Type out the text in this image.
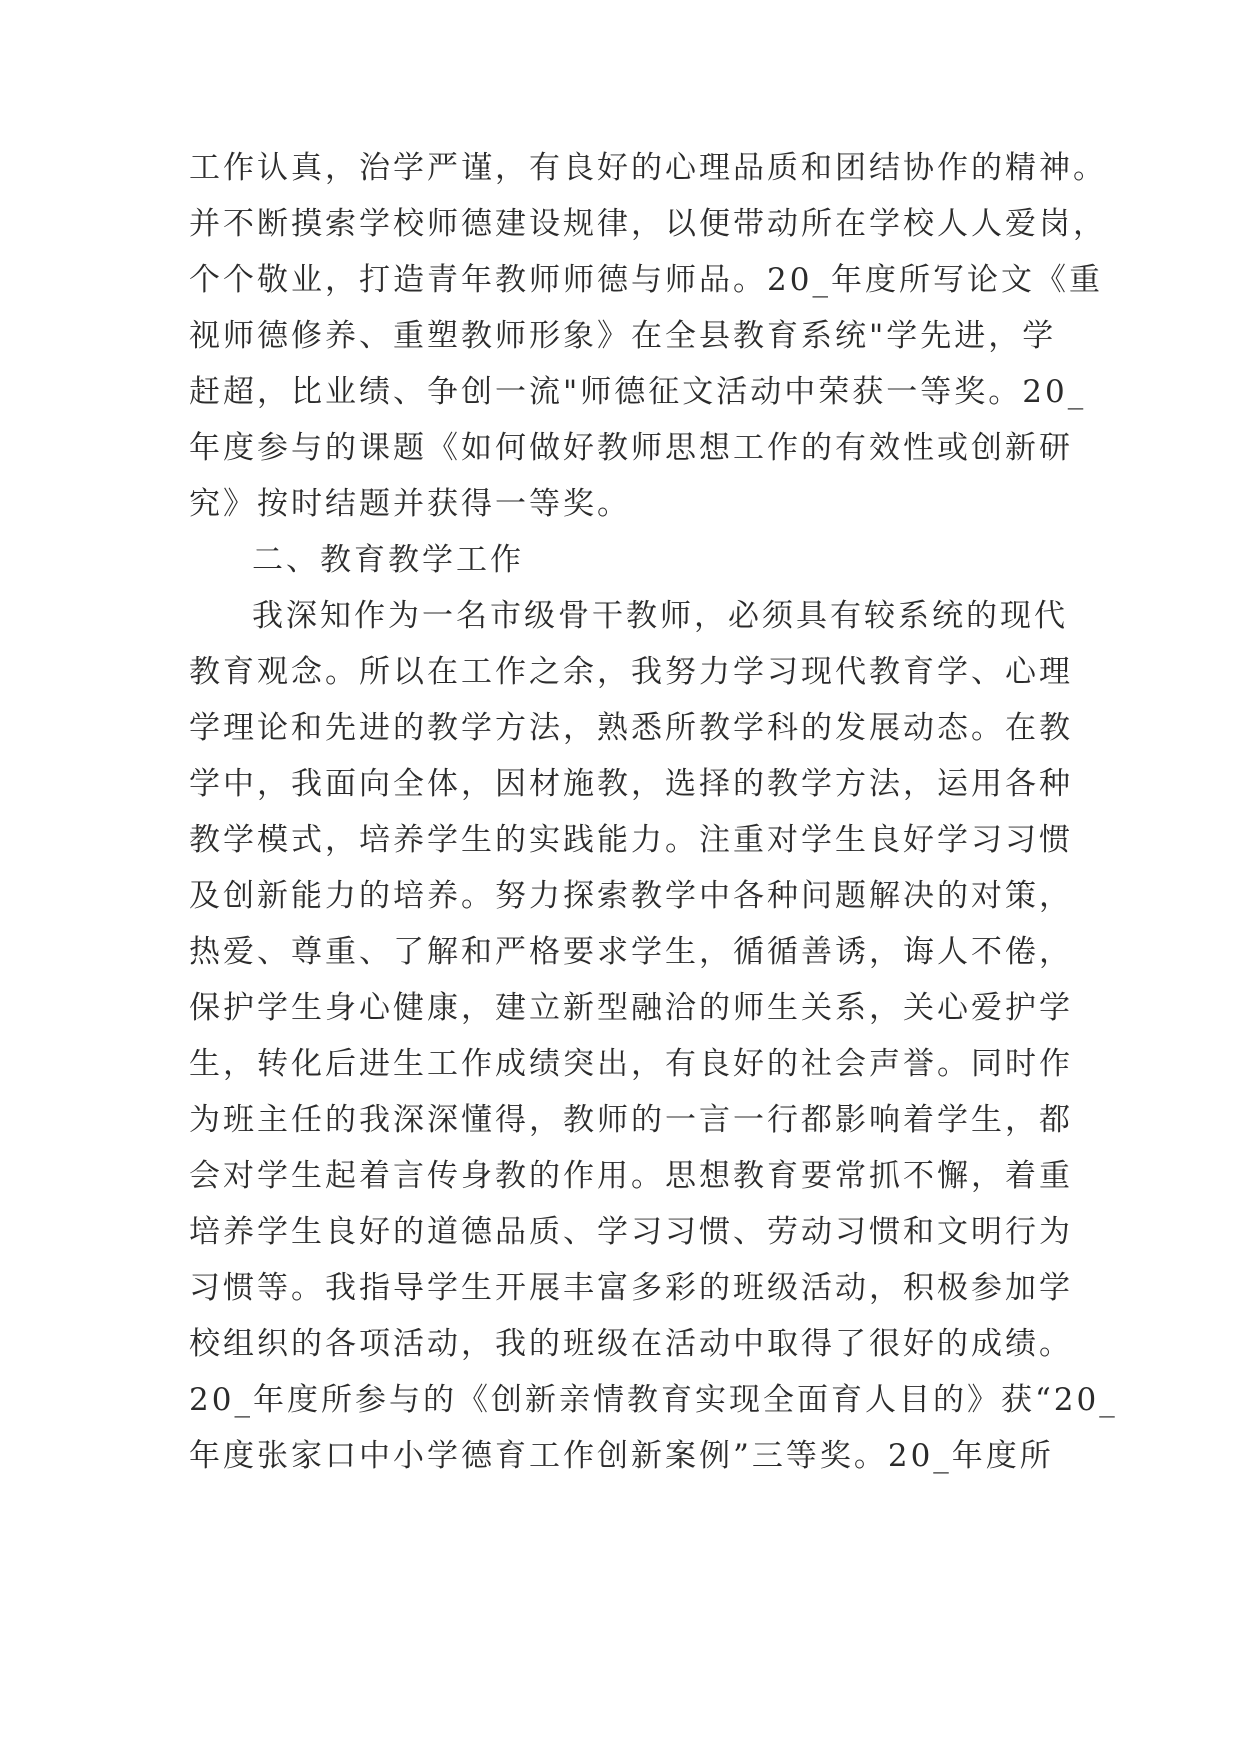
工作认真，治学严谨，有良好的心理品质和团结协作的精神。
并不断摸索学校师德建设规律，以便带动所在学校人人爱岗，
个个敬业，打造青年教师师德与师品。20_年度所写论文《重
视师德修养、重塑教师形象》在全县教育系统"学先进，学
赶超，比业绩、争创一流"师德征文活动中荣获一等奖。20_
年度参与的课题《如何做好教师思想工作的有效性或创新研
究》按时结题并获得一等奖。
二、教育教学工作
我深知作为一名市级骨干教师，必须具有较系统的现代
教育观念。所以在工作之余，我努力学习现代教育学、心理
学理论和先进的教学方法，熟悉所教学科的发展动态。在教
学中，我面向全体，因材施教，选择的教学方法，运用各种
教学模式，培养学生的实践能力。注重对学生良好学习习惯
及创新能力的培养。努力探索教学中各种问题解决的对策，
热爱、尊重、了解和严格要求学生，循循善诱，诲人不倦，
保护学生身心健康，建立新型融洽的师生关系，关心爱护学
生，转化后进生工作成绩突出，有良好的社会声誉。同时作
为班主任的我深深懂得，教师的一言一行都影响着学生，都
会对学生起着言传身教的作用。思想教育要常抓不懈，着重
培养学生良好的道德品质、学习习惯、劳动习惯和文明行为
习惯等。我指导学生开展丰富多彩的班级活动，积极参加学
校组织的各项活动，我的班级在活动中取得了很好的成绩。
20_年度所参与的《创新亲情教育实现全面育人目的》获“20_
年度张家口中小学德育工作创新案例”三等奖。20_年度所
